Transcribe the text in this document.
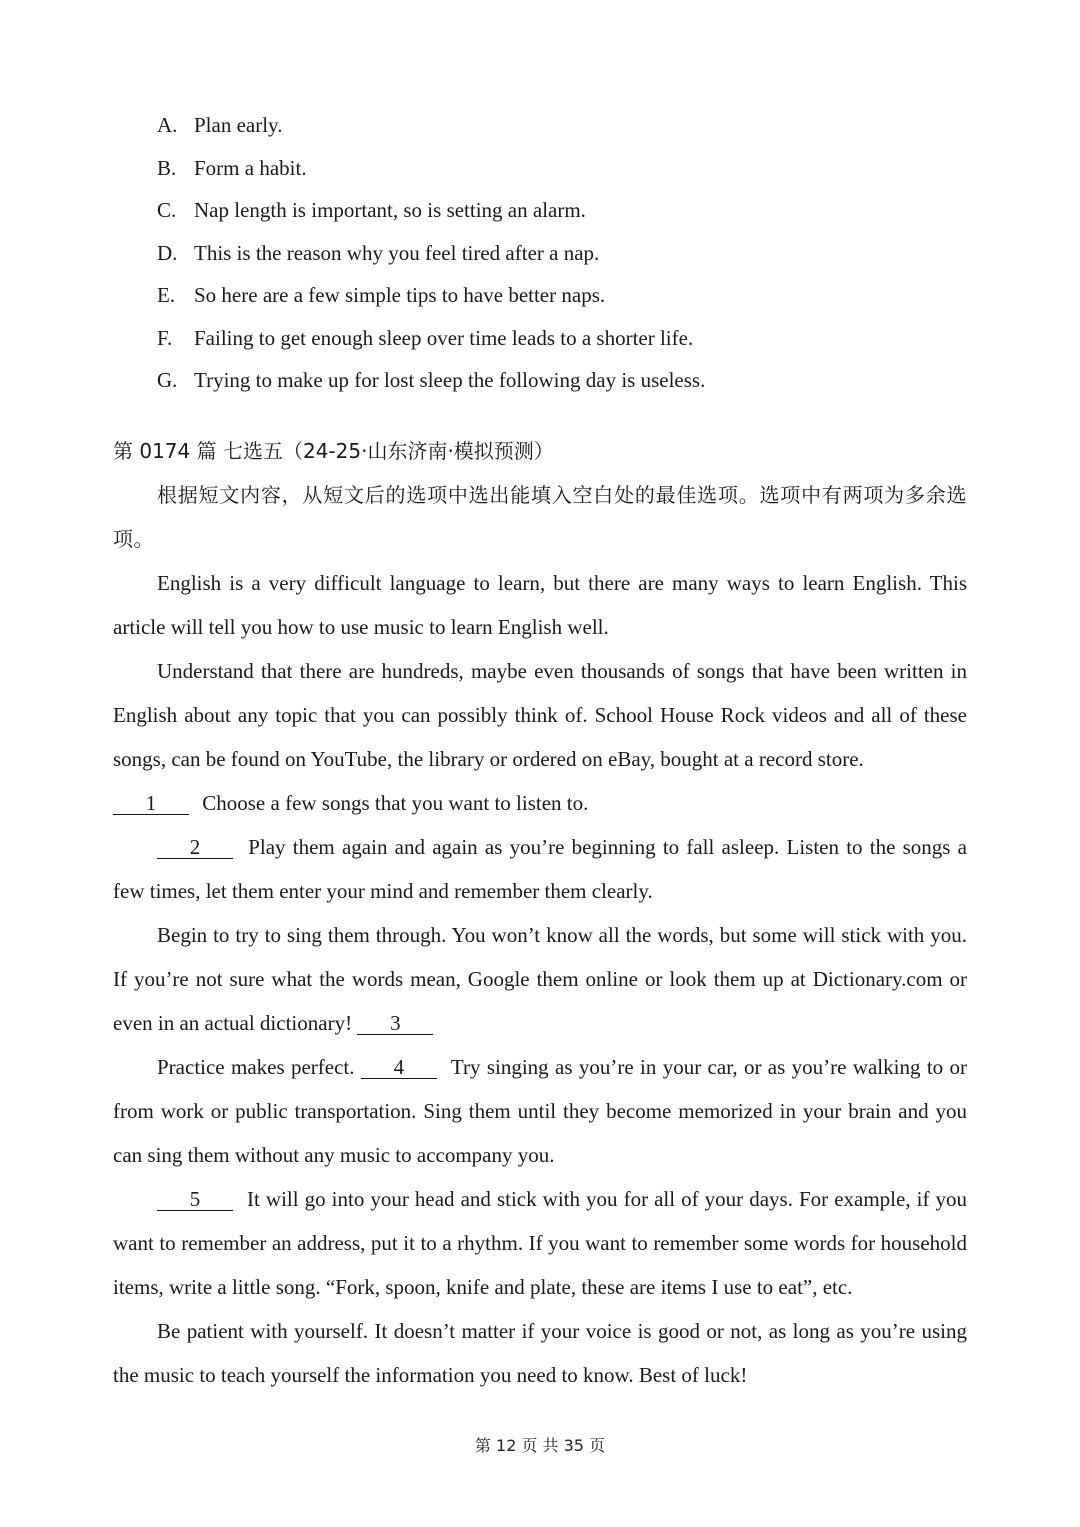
A. Plan early.
B. Form a habit.
C. Nap length is important, so is setting an alarm.
D. This is the reason why you feel tired after a nap.
E. So here are a few simple tips to have better naps.
F. Failing to get enough sleep over time leads to a shorter life.
G. Trying to make up for lost sleep the following day is useless.
第 0174 篇 七选五（24-25·山东济南·模拟预测）

根据短文内容，从短文后的选项中选出能填入空白处的最佳选项。选项中有两项为多余选项。

English is a very difficult language to learn, but there are many ways to learn English. This article will tell you how to use music to learn English well.

Understand that there are hundreds, maybe even thousands of songs that have been written in English about any topic that you can possibly think of. School House Rock videos and all of these songs, can be found on YouTube, the library or ordered on eBay, bought at a record store.

1 Choose a few songs that you want to listen to.

2 Play them again and again as you’re beginning to fall asleep. Listen to the songs a few times, let them enter your mind and remember them clearly.

Begin to try to sing them through. You won’t know all the words, but some will stick with you. If you’re not sure what the words mean, Google them online or look them up at Dictionary.com or even in an actual dictionary! 3

Practice makes perfect. 4 Try singing as you’re in your car, or as you’re walking to or from work or public transportation. Sing them until they become memorized in your brain and you can sing them without any music to accompany you.

5 It will go into your head and stick with you for all of your days. For example, if you want to remember an address, put it to a rhythm. If you want to remember some words for household items, write a little song. “Fork, spoon, knife and plate, these are items I use to eat”, etc.

Be patient with yourself. It doesn’t matter if your voice is good or not, as long as you’re using the music to teach yourself the information you need to know. Best of luck!

第 12 页 共 35 页
